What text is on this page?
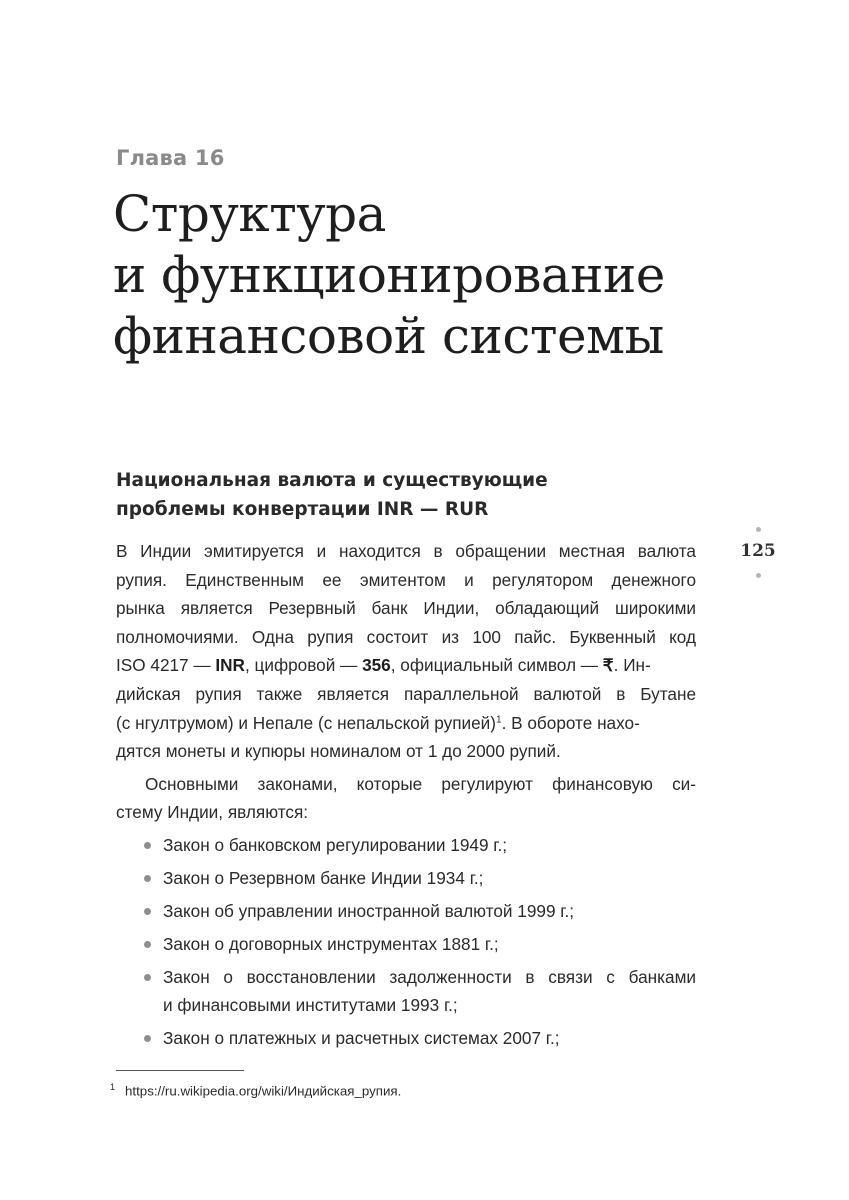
Глава 16
Структура
и функционирование
финансовой системы
Национальная валюта и существующие
проблемы конвертации INR — RUR
125
В Индии эмитируется и находится в обращении местная валюта
рупия. Единственным ее эмитентом и регулятором денежного
рынка является Резервный банк Индии, обладающий широкими
полномочиями. Одна рупия состоит из 100 пайс. Буквенный код
ISO 4217 — INR, цифровой — 356, официальный символ — ₹. Ин-
дийская рупия также является параллельной валютой в Бутане
(с нгултрумом) и Непале (с непальской рупией)$^1$. В обороте нахо-
дятся монеты и купюры номиналом от 1 до 2000 рупий.
Основными законами, которые регулируют финансовую си-
стему Индии, являются:
Закон о банковском регулировании 1949 г.;
Закон о Резервном банке Индии 1934 г.;
Закон об управлении иностранной валютой 1999 г.;
Закон о договорных инструментах 1881 г.;
Закон о восстановлении задолженности в связи с банками
и финансовыми институтами 1993 г.;
Закон о платежных и расчетных системах 2007 г.;
$^1$ https://ru.wikipedia.org/wiki/Индийская_рупия.
